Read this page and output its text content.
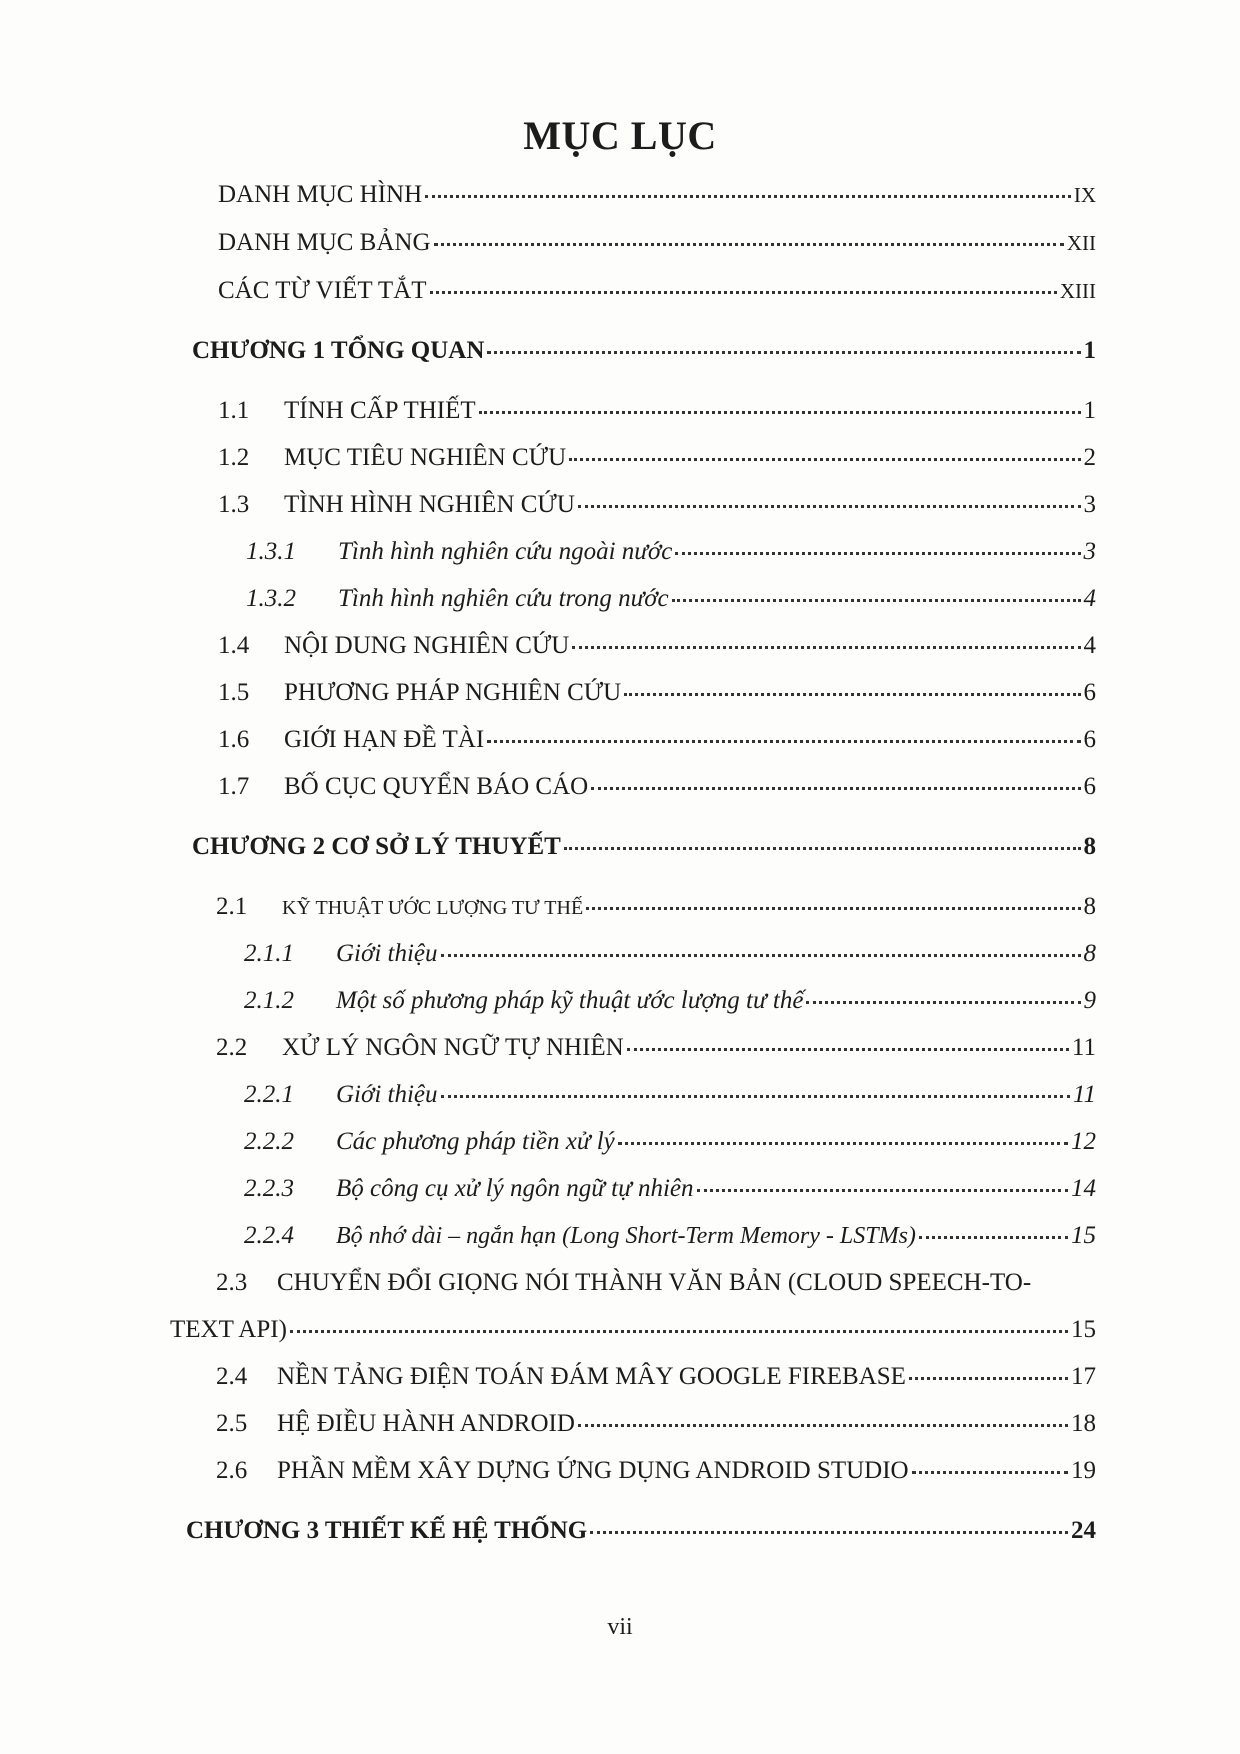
MỤC LỤC
DANH MỤC HÌNH	IX
DANH MỤC BẢNG	XII
CÁC TỪ VIẾT TẮT	XIII
CHƯƠNG 1 TỔNG QUAN	1
1.1	TÍNH CẤP THIẾT	1
1.2	MỤC TIÊU NGHIÊN CỨU	2
1.3	TÌNH HÌNH NGHIÊN CỨU	3
1.3.1	Tình hình nghiên cứu ngoài nước	3
1.3.2	Tình hình nghiên cứu trong nước	4
1.4	NỘI DUNG NGHIÊN CỨU	4
1.5	PHƯƠNG PHÁP NGHIÊN CỨU	6
1.6	GIỚI HẠN ĐỀ TÀI	6
1.7	BỐ CỤC QUYỂN BÁO CÁO	6
CHƯƠNG 2 CƠ SỞ LÝ THUYẾT	8
2.1	KỸ THUẬT ƯỚC LƯỢNG TƯ THẾ	8
2.1.1	Giới thiệu	8
2.1.2	Một số phương pháp kỹ thuật ước lượng tư thế	9
2.2	XỬ LÝ NGÔN NGỮ TỰ NHIÊN	11
2.2.1	Giới thiệu	11
2.2.2	Các phương pháp tiền xử lý	12
2.2.3	Bộ công cụ xử lý ngôn ngữ tự nhiên	14
2.2.4	Bộ nhớ dài – ngắn hạn (Long Short-Term Memory - LSTMs)	15
2.3 CHUYỂN ĐỔI GIỌNG NÓI THÀNH VĂN BẢN (CLOUD SPEECH-TO-
TEXT API)	15
2.4	NỀN TẢNG ĐIỆN TOÁN ĐÁM MÂY GOOGLE FIREBASE	17
2.5	HỆ ĐIỀU HÀNH ANDROID	18
2.6	PHẦN MỀM XÂY DỰNG ỨNG DỤNG ANDROID STUDIO	19
CHƯƠNG 3 THIẾT KẾ HỆ THỐNG	24
vii
